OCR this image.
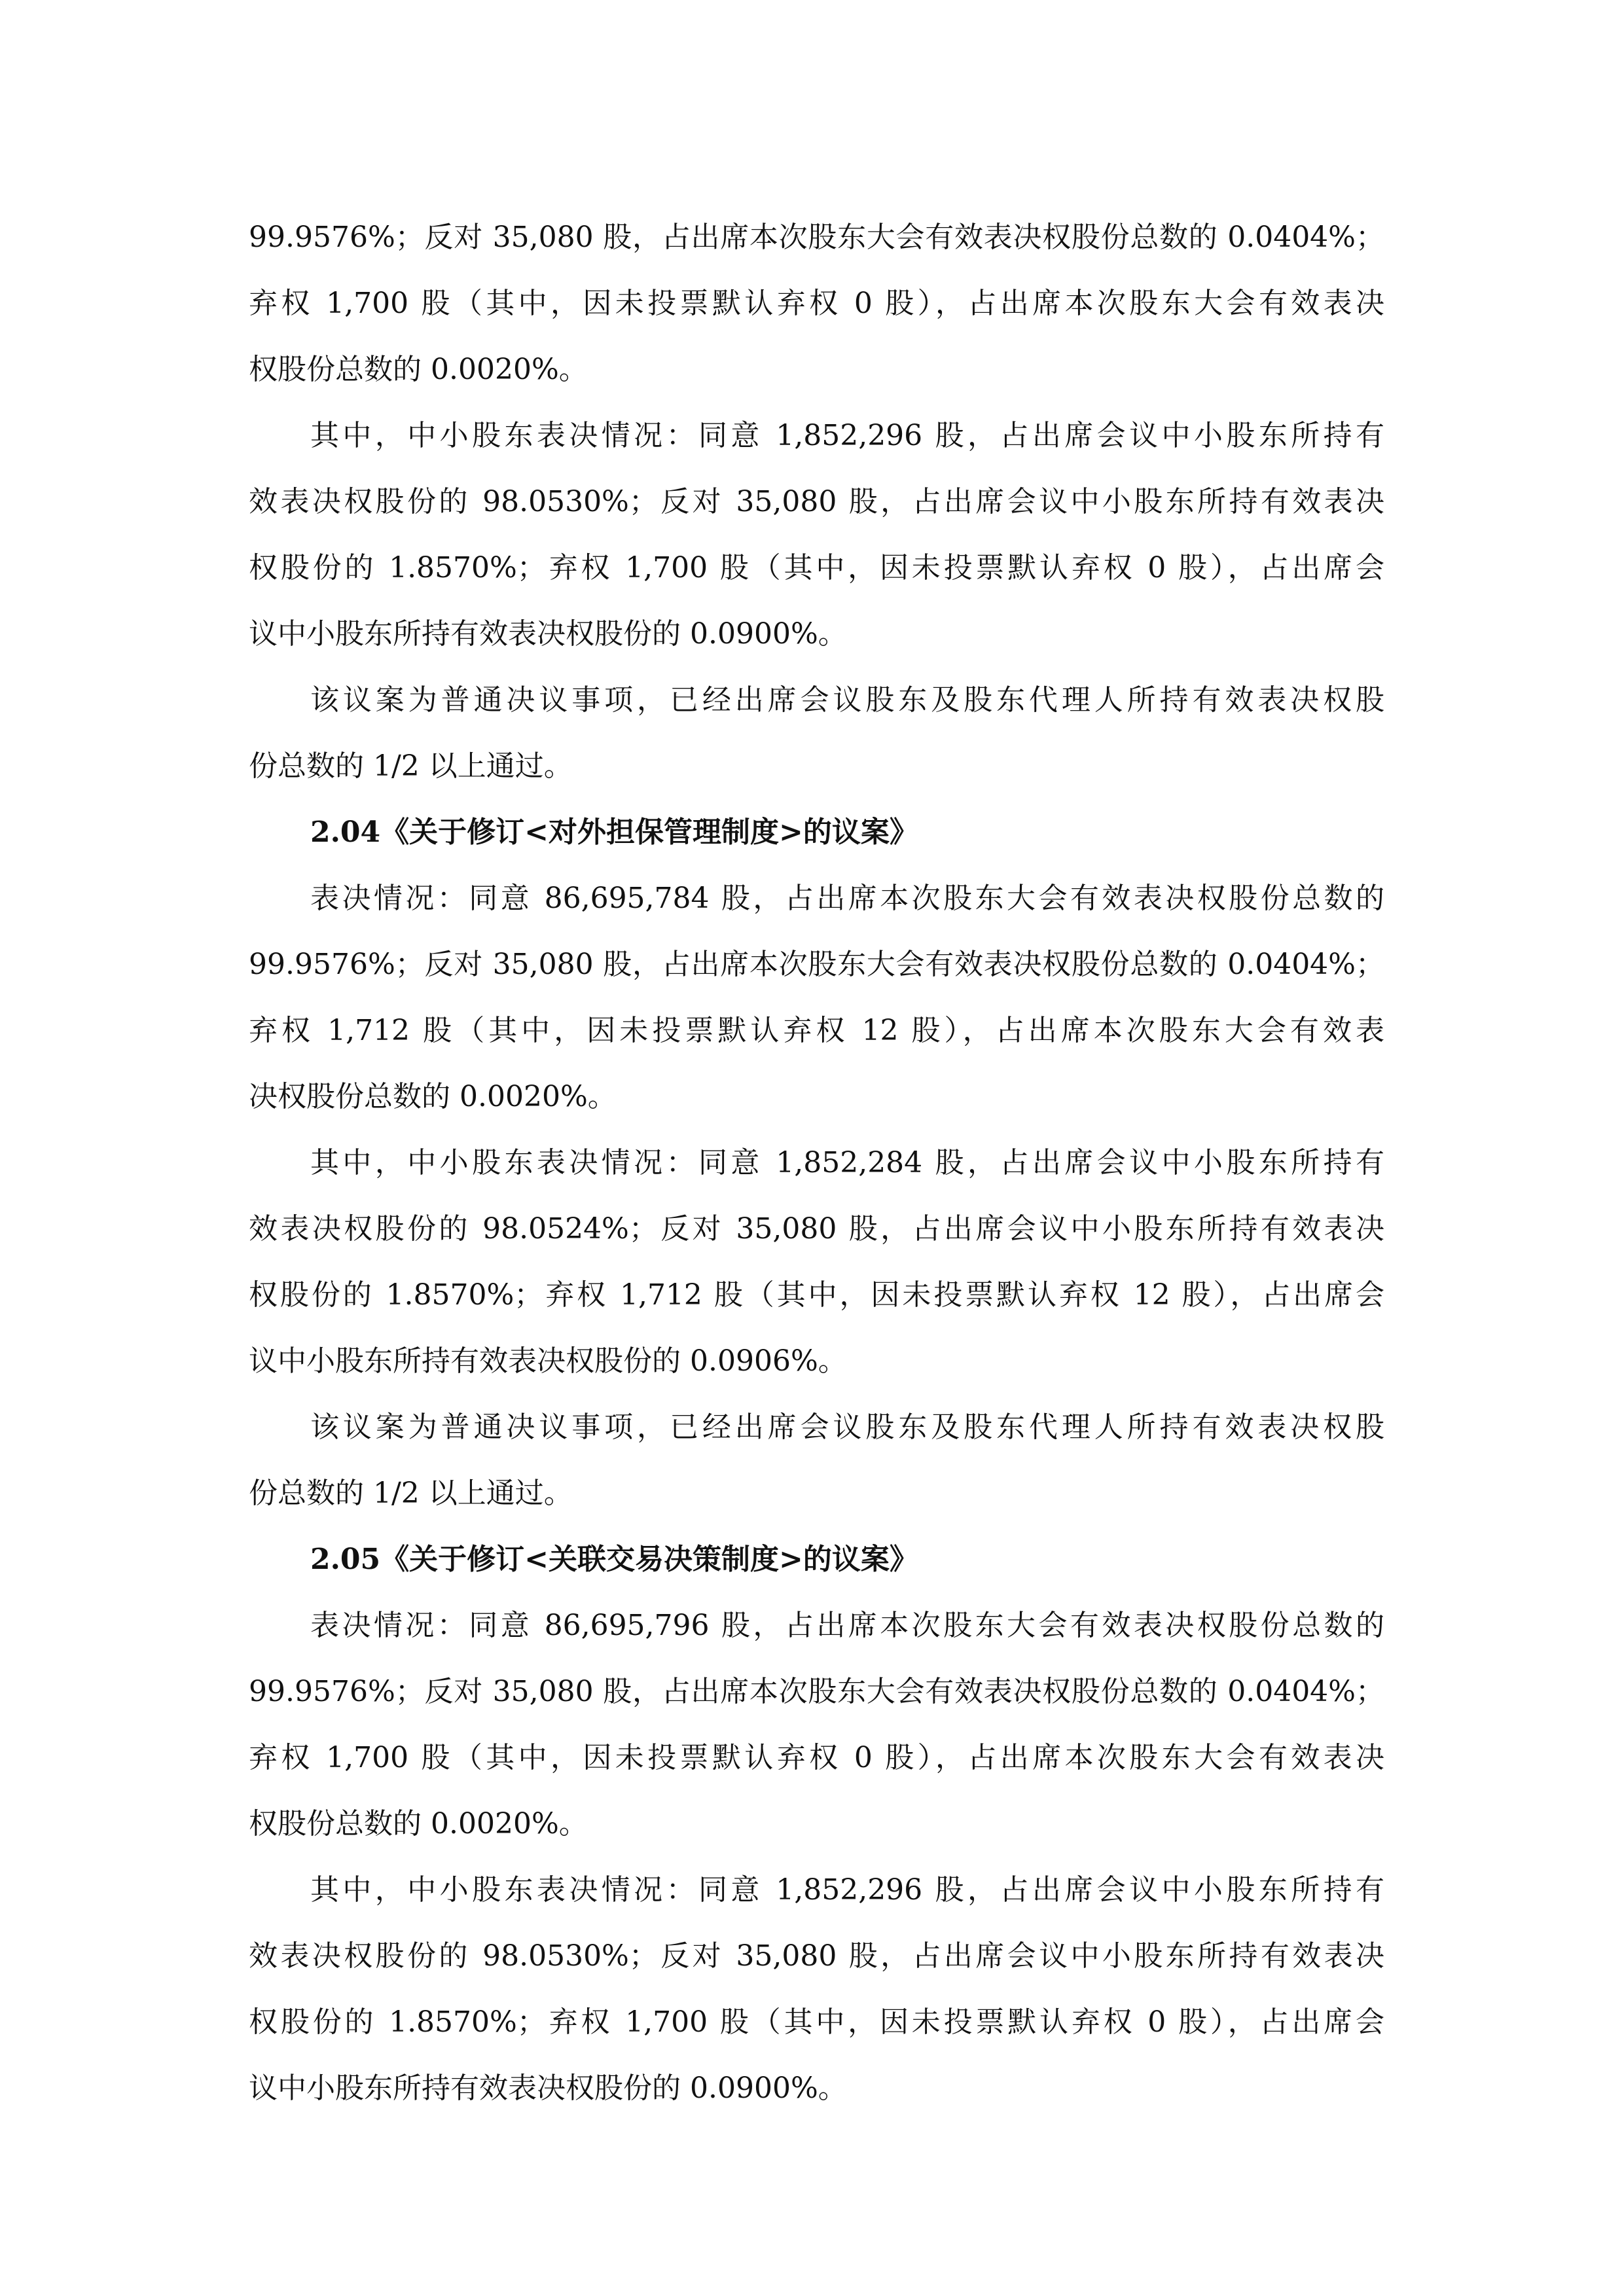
99.9576%；反对 35,080 股，占出席本次股东大会有效表决权股份总数的 0.0404%；
弃权 1,700 股（其中，因未投票默认弃权 0 股），占出席本次股东大会有效表决
权股份总数的 0.0020%。
其中，中小股东表决情况：同意 1,852,296 股，占出席会议中小股东所持有
效表决权股份的 98.0530%；反对 35,080 股，占出席会议中小股东所持有效表决
权股份的 1.8570%；弃权 1,700 股（其中，因未投票默认弃权 0 股），占出席会
议中小股东所持有效表决权股份的 0.0900%。
该议案为普通决议事项，已经出席会议股东及股东代理人所持有效表决权股
份总数的 1/2 以上通过。
2.04《关于修订<对外担保管理制度>的议案》
表决情况：同意 86,695,784 股，占出席本次股东大会有效表决权股份总数的
99.9576%；反对 35,080 股，占出席本次股东大会有效表决权股份总数的 0.0404%；
弃权 1,712 股（其中，因未投票默认弃权 12 股），占出席本次股东大会有效表
决权股份总数的 0.0020%。
其中，中小股东表决情况：同意 1,852,284 股，占出席会议中小股东所持有
效表决权股份的 98.0524%；反对 35,080 股，占出席会议中小股东所持有效表决
权股份的 1.8570%；弃权 1,712 股（其中，因未投票默认弃权 12 股），占出席会
议中小股东所持有效表决权股份的 0.0906%。
该议案为普通决议事项，已经出席会议股东及股东代理人所持有效表决权股
份总数的 1/2 以上通过。
2.05《关于修订<关联交易决策制度>的议案》
表决情况：同意 86,695,796 股，占出席本次股东大会有效表决权股份总数的
99.9576%；反对 35,080 股，占出席本次股东大会有效表决权股份总数的 0.0404%；
弃权 1,700 股（其中，因未投票默认弃权 0 股），占出席本次股东大会有效表决
权股份总数的 0.0020%。
其中，中小股东表决情况：同意 1,852,296 股，占出席会议中小股东所持有
效表决权股份的 98.0530%；反对 35,080 股，占出席会议中小股东所持有效表决
权股份的 1.8570%；弃权 1,700 股（其中，因未投票默认弃权 0 股），占出席会
议中小股东所持有效表决权股份的 0.0900%。
